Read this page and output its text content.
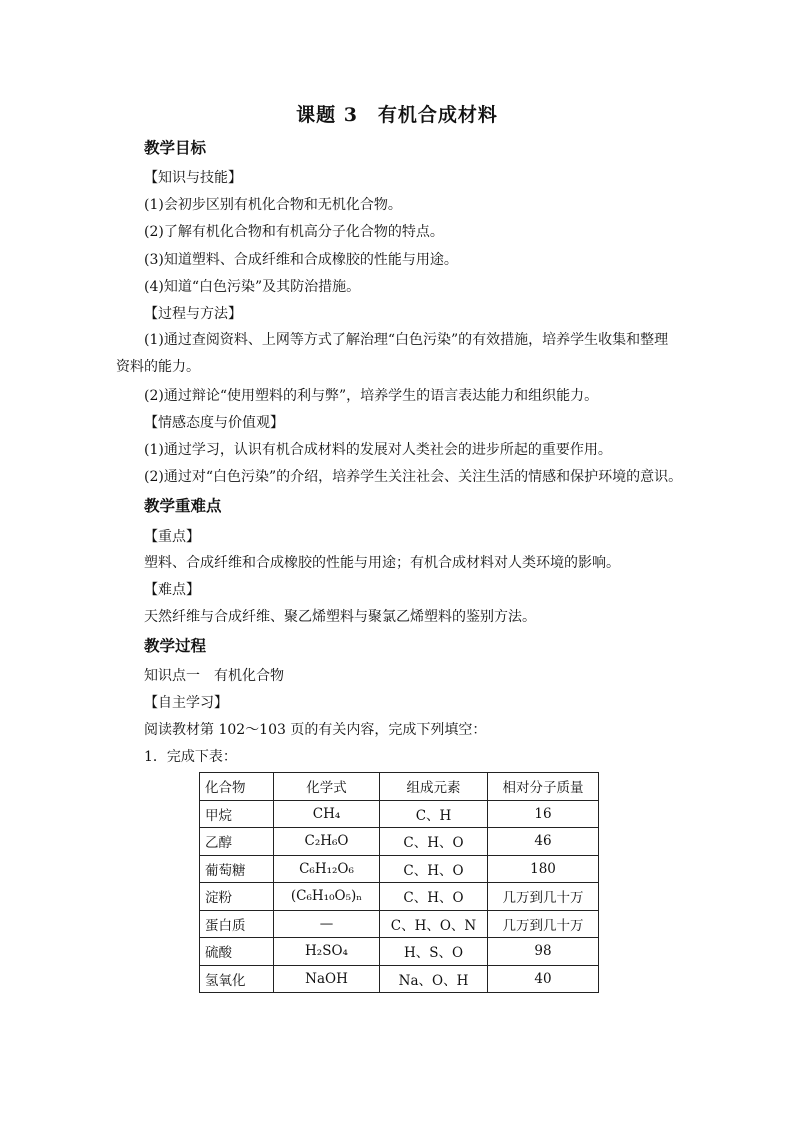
课题 3　有机合成材料
教学目标
【知识与技能】
(1)会初步区别有机化合物和无机化合物。
(2)了解有机化合物和有机高分子化合物的特点。
(3)知道塑料、合成纤维和合成橡胶的性能与用途。
(4)知道“白色污染”及其防治措施。
【过程与方法】
(1)通过查阅资料、上网等方式了解治理“白色污染”的有效措施，培养学生收集和整理资料的能力。
(2)通过辩论“使用塑料的利与弊”，培养学生的语言表达能力和组织能力。
【情感态度与价值观】
(1)通过学习，认识有机合成材料的发展对人类社会的进步所起的重要作用。
(2)通过对“白色污染”的介绍，培养学生关注社会、关注生活的情感和保护环境的意识。
教学重难点
【重点】
塑料、合成纤维和合成橡胶的性能与用途；有机合成材料对人类环境的影响。
【难点】
天然纤维与合成纤维、聚乙烯塑料与聚氯乙烯塑料的鉴别方法。
教学过程
知识点一　有机化合物
【自主学习】
阅读教材第 102～103 页的有关内容，完成下列填空：
1．完成下表：
化合物	化学式	组成元素	相对分子质量
甲烷	CH₄	C、H	16
乙醇	C₂H₆O	C、H、O	46
葡萄糖	C₆H₁₂O₆	C、H、O	180
淀粉	(C₆H₁₀O₅)ₙ	C、H、O	几万到几十万
蛋白质	—	C、H、O、N	几万到几十万
硫酸	H₂SO₄	H、S、O	98
氢氧化	NaOH	Na、O、H	40
